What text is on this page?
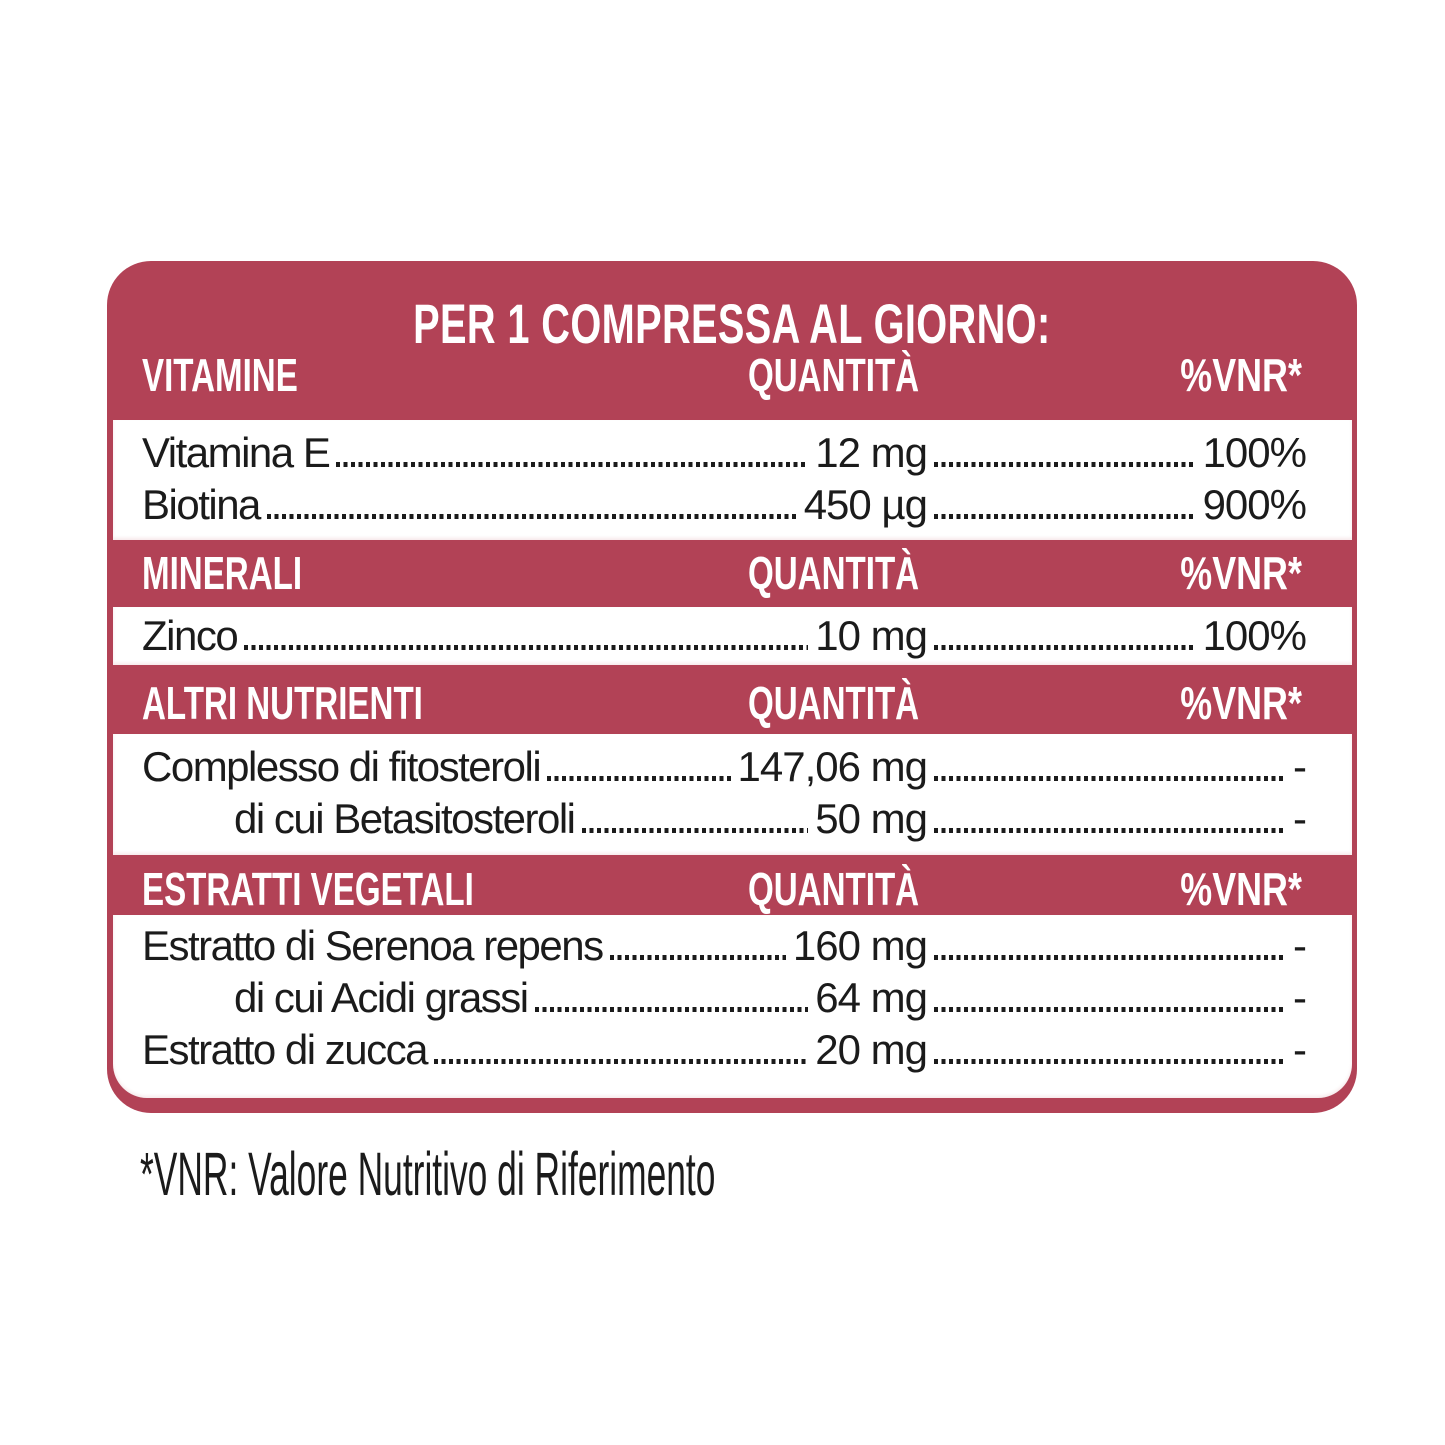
PER 1 COMPRESSA AL GIORNO:
VITAMINE	QUANTITÀ	%VNR*
Vitamina E	12 mg	100%
Biotina	450 µg	900%
MINERALI	QUANTITÀ	%VNR*
Zinco	10 mg	100%
ALTRI NUTRIENTI	QUANTITÀ	%VNR*
Complesso di fitosteroli	147,06 mg	-
di cui Betasitosteroli	50 mg	-
ESTRATTI VEGETALI	QUANTITÀ	%VNR*
Estratto di Serenoa repens	160 mg	-
di cui Acidi grassi	64 mg	-
Estratto di zucca	20 mg	-
*VNR: Valore Nutritivo di Riferimento
